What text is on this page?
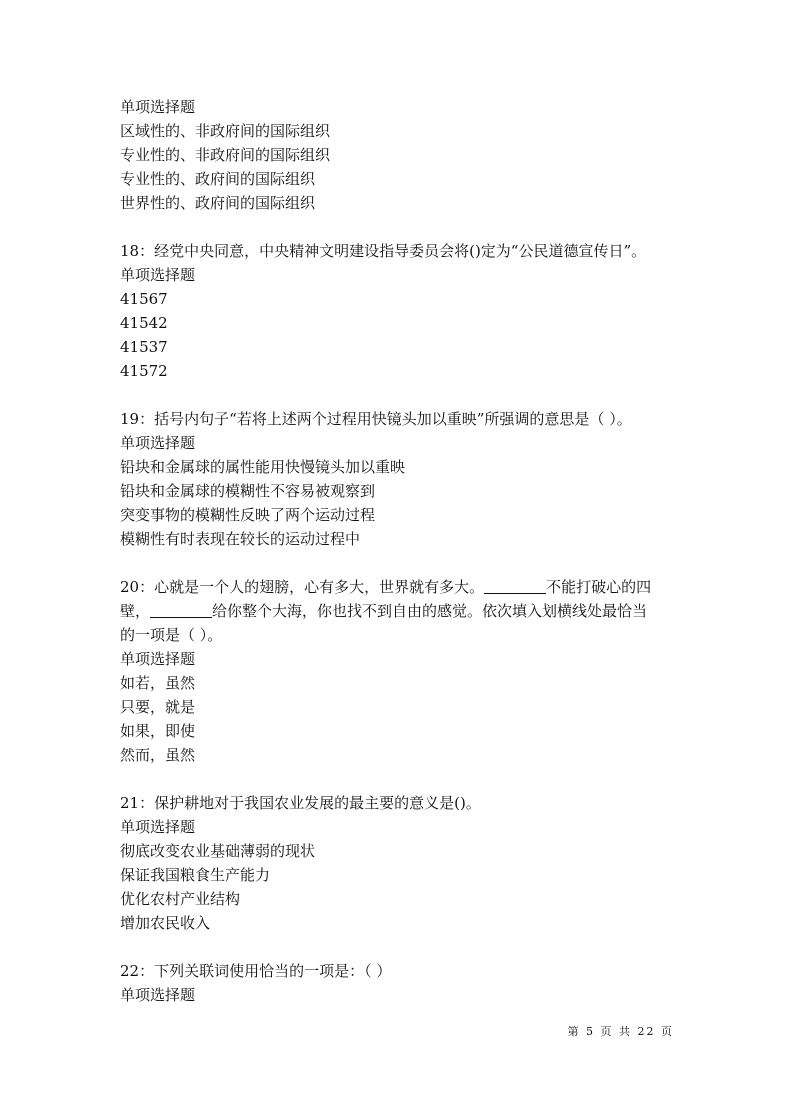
单项选择题
区域性的、非政府间的国际组织
专业性的、非政府间的国际组织
专业性的、政府间的国际组织
世界性的、政府间的国际组织
18：经党中央同意，中央精神文明建设指导委员会将()定为“公民道德宣传日”。
单项选择题
41567
41542
41537
41572
19：括号内句子“若将上述两个过程用快镜头加以重映”所强调的意思是（ ）。
单项选择题
铅块和金属球的属性能用快慢镜头加以重映
铅块和金属球的模糊性不容易被观察到
突变事物的模糊性反映了两个运动过程
模糊性有时表现在较长的运动过程中
20：心就是一个人的翅膀，心有多大，世界就有多大。	不能打破心的四
壁，	给你整个大海，你也找不到自由的感觉。依次填入划横线处最恰当
的一项是（ ）。
单项选择题
如若，虽然
只要，就是
如果，即使
然而，虽然
21：保护耕地对于我国农业发展的最主要的意义是()。
单项选择题
彻底改变农业基础薄弱的现状
保证我国粮食生产能力
优化农村产业结构
增加农民收入
22：下列关联词使用恰当的一项是：（ ）
单项选择题
第 5 页 共 22 页
